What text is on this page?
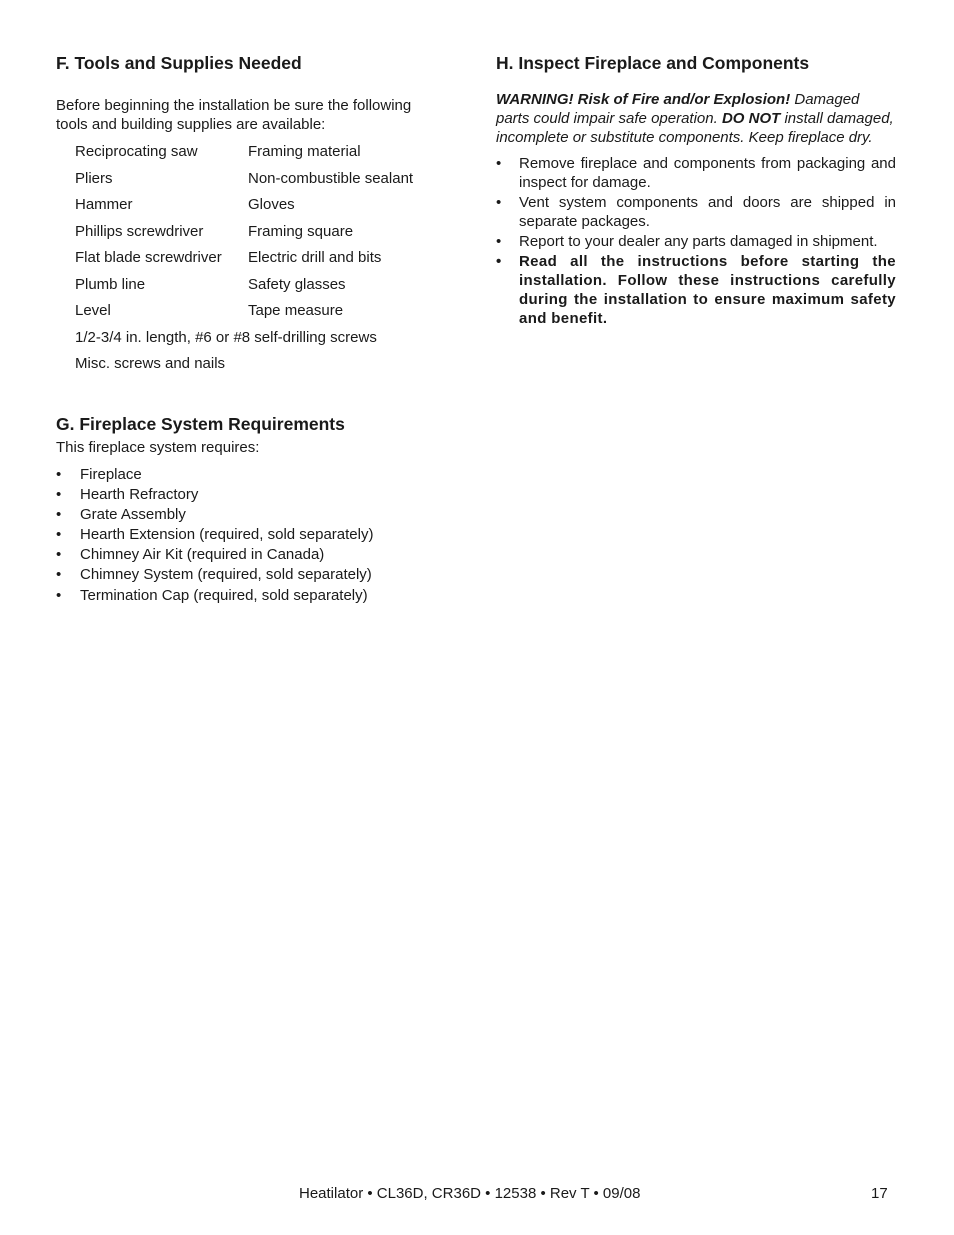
F. Tools and Supplies Needed

Before beginning the installation be sure the following tools and building supplies are available:

Reciprocating saw	Framing material
Pliers	Non-combustible sealant
Hammer	Gloves
Phillips screwdriver	Framing square
Flat blade screwdriver	Electric drill and bits
Plumb line	Safety glasses
Level	Tape measure
1/2-3/4 in. length, #6 or #8 self-drilling screws
Misc. screws and nails
G. Fireplace System Requirements

This fireplace system requires:

• Fireplace
• Hearth Refractory
• Grate Assembly
• Hearth Extension (required, sold separately)
• Chimney Air Kit (required in Canada)
• Chimney System (required, sold separately)
• Termination Cap (required, sold separately)
H. Inspect Fireplace and Components

WARNING! Risk of Fire and/or Explosion! Damaged parts could impair safe operation. DO NOT install damaged, incomplete or substitute components. Keep fireplace dry.

• Remove fireplace and components from packaging and inspect for damage.
• Vent system components and doors are shipped in separate packages.
• Report to your dealer any parts damaged in shipment.
• Read all the instructions before starting the installation. Follow these instructions carefully during the installation to ensure maximum safety and benefit.
Heatilator • CL36D, CR36D • 12538 • Rev T • 09/08	17
